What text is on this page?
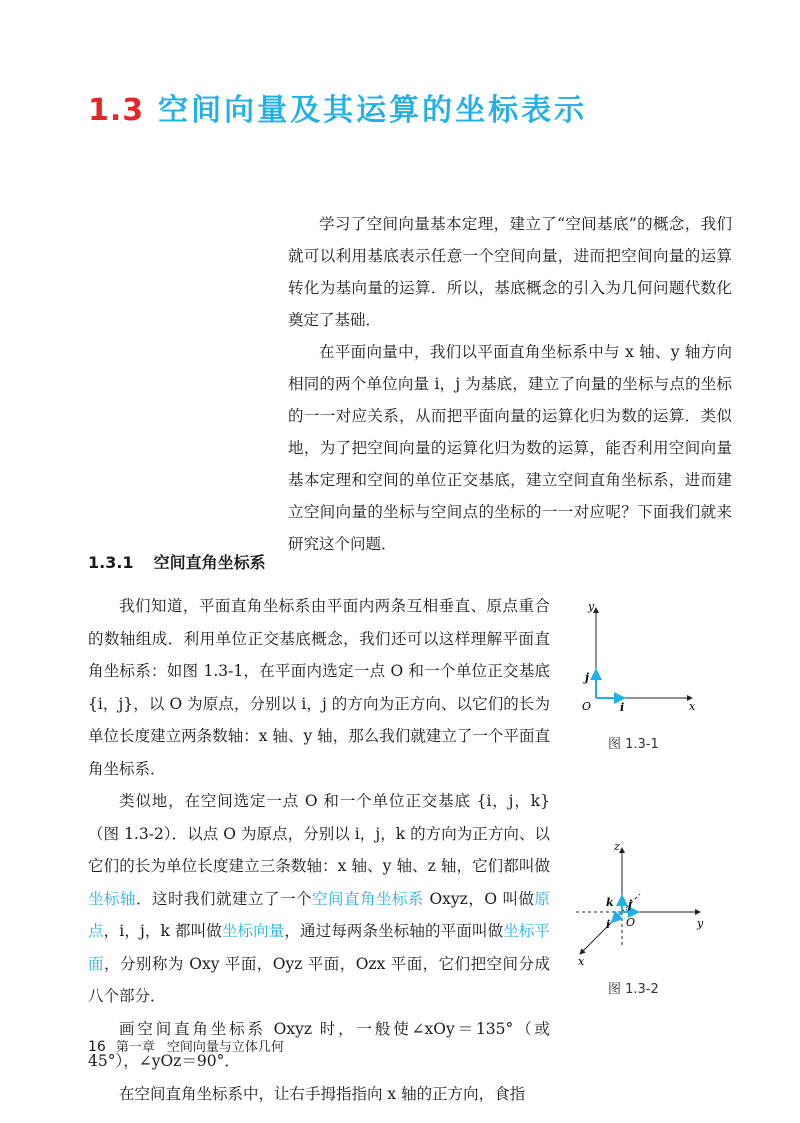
1.3 空间向量及其运算的坐标表示

学习了空间向量基本定理，建立了“空间基底”的概念，我们就可以利用基底表示任意一个空间向量，进而把空间向量的运算转化为基向量的运算．所以，基底概念的引入为几何问题代数化奠定了基础．

在平面向量中，我们以平面直角坐标系中与 x 轴、y 轴方向相同的两个单位向量 i，j 为基底，建立了向量的坐标与点的坐标的一一对应关系，从而把平面向量的运算化归为数的运算．类似地，为了把空间向量的运算化归为数的运算，能否利用空间向量基本定理和空间的单位正交基底，建立空间直角坐标系，进而建立空间向量的坐标与空间点的坐标的一一对应呢？下面我们就来研究这个问题．

1.3.1 空间直角坐标系

我们知道，平面直角坐标系由平面内两条互相垂直、原点重合的数轴组成．利用单位正交基底概念，我们还可以这样理解平面直角坐标系：如图 1.3-1，在平面内选定一点 O 和一个单位正交基底 {i，j}，以 O 为原点，分别以 i，j 的方向为正方向、以它们的长为单位长度建立两条数轴：x 轴、y 轴，那么我们就建立了一个平面直角坐标系．

类似地，在空间选定一点 O 和一个单位正交基底 {i，j，k}（图 1.3-2）．以点 O 为原点，分别以 i，j，k 的方向为正方向、以它们的长为单位长度建立三条数轴：x 轴、y 轴、z 轴，它们都叫做坐标轴．这时我们就建立了一个空间直角坐标系 Oxyz，O 叫做原点，i，j，k 都叫做坐标向量，通过每两条坐标轴的平面叫做坐标平面，分别称为 Oxy 平面，Oyz 平面，Ozx 平面，它们把空间分成八个部分．

画空间直角坐标系 Oxyz 时，一般使∠xOy＝135°（或 45°），∠yOz＝90°．

在空间直角坐标系中，让右手拇指指向 x 轴的正方向，食指

y
x
O	i
j
图 1.3-1
z
y
x
O
i
j
k
图 1.3-2
16 第一章 空间向量与立体几何
